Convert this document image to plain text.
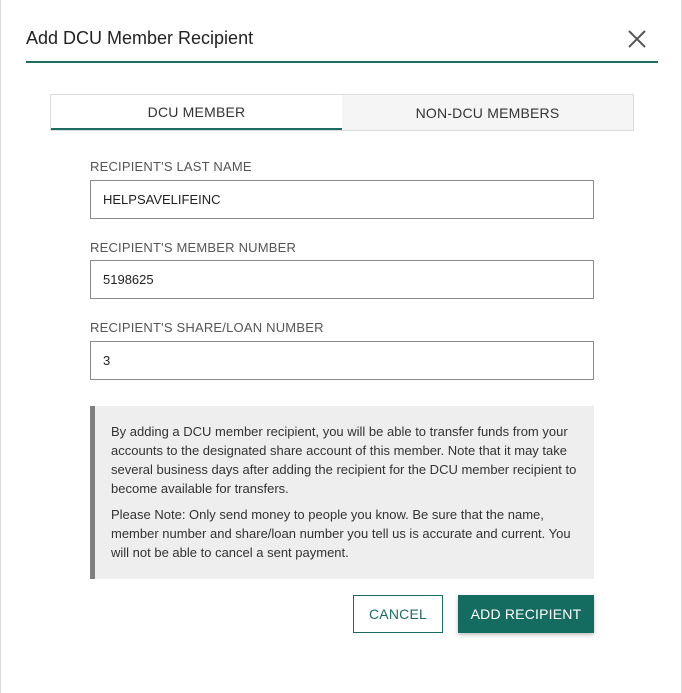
Add DCU Member Recipient
DCU MEMBER	NON-DCU MEMBERS
RECIPIENT'S LAST NAME
HELPSAVELIFEINC
RECIPIENT'S MEMBER NUMBER
5198625
RECIPIENT'S SHARE/LOAN NUMBER
3

By adding a DCU member recipient, you will be able to transfer funds from your accounts to the designated share account of this member. Note that it may take several business days after adding the recipient for the DCU member recipient to become available for transfers.

Please Note: Only send money to people you know. Be sure that the name, member number and share/loan number you tell us is accurate and current. You will not be able to cancel a sent payment.

CANCEL	ADD RECIPIENT
